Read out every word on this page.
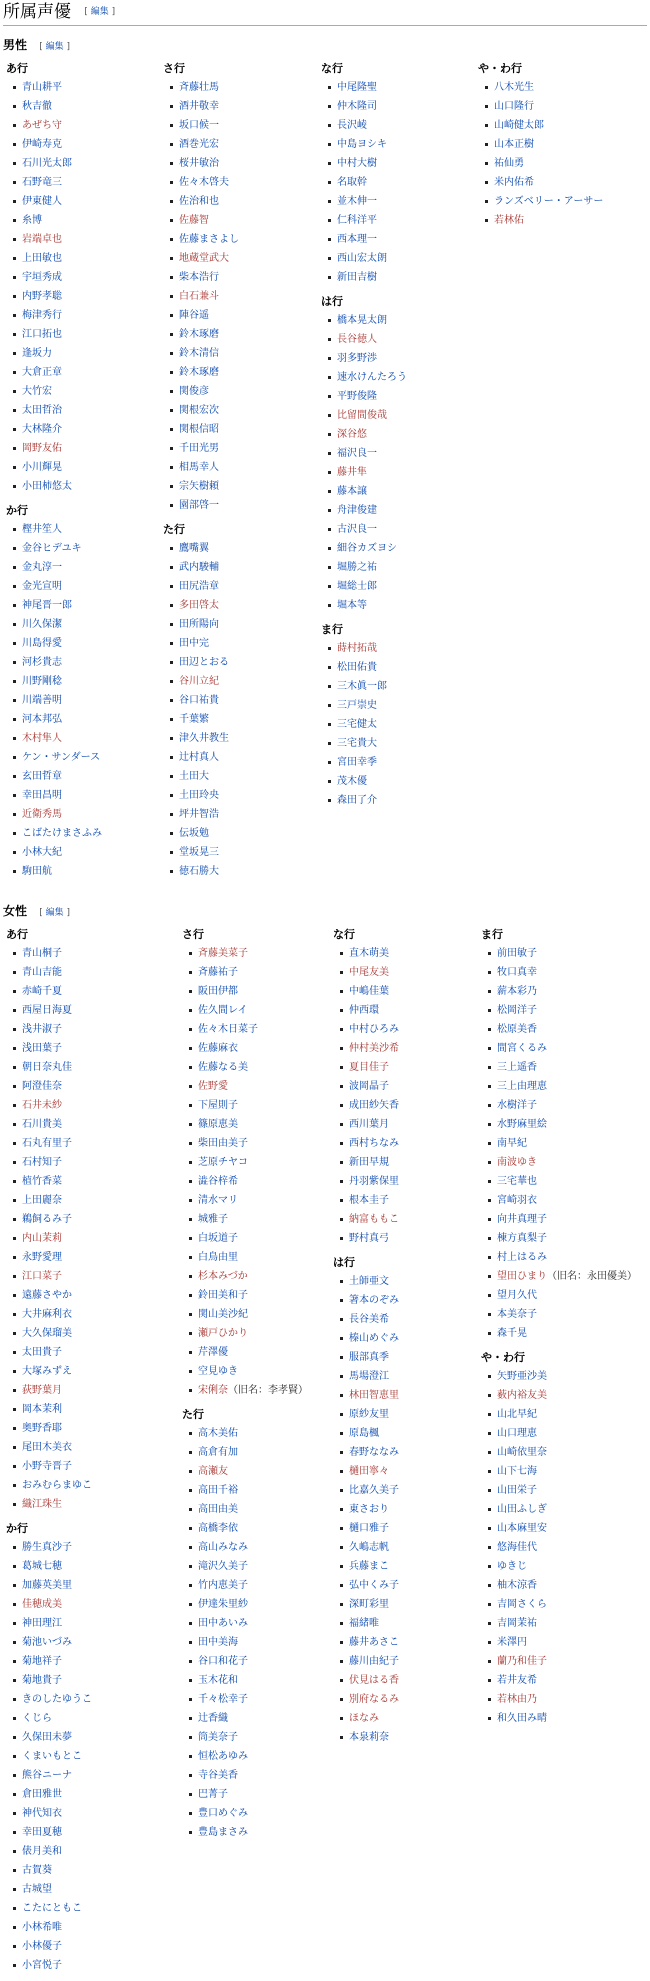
所属声優 [ 編集 ]
男性 [ 編集 ]
女性 [ 編集 ]
あ行
青山耕平
秋吉徹
あぜち守
伊崎寿克
石川光太郎
石野竜三
伊東健人
糸博
岩端卓也
上田敏也
宇垣秀成
内野孝聡
梅津秀行
江口拓也
逢坂力
大倉正章
大竹宏
太田哲治
大林隆介
岡野友佑
小川輝晃
小田柿悠太
か行
樫井笙人
金谷ヒデユキ
金丸淳一
金光宣明
神尾晋一郎
川久保潔
川島得愛
河杉貴志
川野剛稔
川端善明
河本邦弘
木村隼人
ケン・サンダース
玄田哲章
幸田昌明
近衛秀馬
こばたけまさふみ
小林大紀
駒田航
さ行
斉藤壮馬
酒井敬幸
坂口候一
酒巻光宏
桜井敏治
佐々木啓夫
佐治和也
佐藤智
佐藤まさよし
地蔵堂武大
柴本浩行
白石兼斗
陣谷遥
鈴木琢磨
鈴木清信
鈴木琢磨
関俊彦
関根宏次
関根信昭
千田光男
相馬幸人
宗矢樹頼
園部啓一
た行
鷹嘴翼
武内駿輔
田尻浩章
多田啓太
田所陽向
田中完
田辺とおる
谷川立紀
谷口祐貴
千葉繁
津久井教生
辻村真人
土田大
土田玲央
坪井智浩
伝坂勉
堂坂晃三
徳石勝大
な行
中尾隆聖
仲木隆司
長沢崚
中島ヨシキ
中村大樹
名取幹
並木伸一
仁科洋平
西本理一
西山宏太朗
新田吉樹
は行
橋本晃太朗
長谷徳人
羽多野渉
速水けんたろう
平野俊隆
比留間俊哉
深谷悠
福沢良一
藤井隼
藤本譲
舟津俊建
古沢良一
細谷カズヨシ
堀勝之祐
堀総士郎
堀本等
ま行
蒔村拓哉
松田佑貴
三木眞一郎
三戸崇史
三宅健太
三宅貴大
宮田幸季
茂木優
森田了介
や・わ行
八木光生
山口隆行
山崎健太郎
山本正樹
祐仙勇
米内佑希
ランズベリー・アーサー
若林佑
あ行
青山桐子
青山吉能
赤崎千夏
西屋日海夏
浅井淑子
浅田葉子
朝日奈丸佳
阿澄佳奈
石井未紗
石川貴美
石丸有里子
石村知子
植竹香菜
上田麗奈
鵜飼るみ子
内山茉莉
永野愛理
江口菜子
遠藤さやか
大井麻利衣
大久保瑠美
太田貴子
大塚みずえ
荻野葉月
岡本茉利
奥野香耶
尾田木美衣
小野寺晋子
おみむらまゆこ
織江珠生
か行
勝生真沙子
葛城七穂
加藤英美里
佳穂成美
神田理江
菊池いづみ
菊地祥子
菊地貴子
きのしたゆうこ
くじら
久保田未夢
くまいもとこ
熊谷ニーナ
倉田雅世
神代知衣
幸田夏穂
俵月美和
古賀葵
古城望
こたにともこ
小林希唯
小林優子
小宮悦子
さ行
斉藤美菜子
斉藤祐子
阪田伊都
佐久間レイ
佐々木日菜子
佐藤麻衣
佐藤なる美
佐野愛
下屋則子
篠原恵美
柴田由美子
芝原チヤコ
澁谷梓希
清水マリ
城雅子
白坂道子
白鳥由里
杉本みづか
鈴田美和子
関山美沙紀
瀬戸ひかり
芹澤優
空見ゆき
宋俐奈（旧名：李孝賢）
た行
高木美佑
高倉有加
高瀬友
高田千裕
高田由美
高橋李依
高山みなみ
滝沢久美子
竹内恵美子
伊達朱里紗
田中あいみ
田中美海
谷口和花子
玉木花和
千々松幸子
辻香織
筒美奈子
恒松あゆみ
寺谷美香
巴菁子
豊口めぐみ
豊島まさみ
な行
直木萌美
中尾友美
中嶋佳葉
仲西環
中村ひろみ
仲村美沙希
夏目佳子
波岡晶子
成田紗矢香
西川葉月
西村ちなみ
新田早規
丹羽紫保里
根本圭子
納富ももこ
野村真弓
は行
土師亜文
箸本のぞみ
長谷美希
榛山めぐみ
服部真季
馬場澄江
林田智恵里
原紗友里
原島楓
春野ななみ
樋田寧々
比嘉久美子
東さおり
樋口雅子
久嶋志帆
兵藤まこ
弘中くみ子
深町彩里
福緒唯
藤井あさこ
藤川由紀子
伏見はる香
別府なるみ
ほなみ
本泉莉奈
ま行
前田敏子
牧口真幸
薪本彩乃
松岡洋子
松原美香
間宮くるみ
三上遥香
三上由理恵
水樹洋子
水野麻里絵
南早紀
南波ゆき
三宅華也
宮崎羽衣
向井真理子
棟方真梨子
村上はるみ
望田ひまり（旧名：永田優美）
望月久代
本美奈子
森千晃
や・わ行
矢野亜沙美
薮内裕友美
山北早紀
山口理恵
山崎依里奈
山下七海
山田栄子
山田ふしぎ
山本麻里安
悠海佳代
ゆきじ
柚木涼香
吉岡さくら
吉岡茉祐
米澤円
蘭乃和佳子
若井友希
若林由乃
和久田み晴
